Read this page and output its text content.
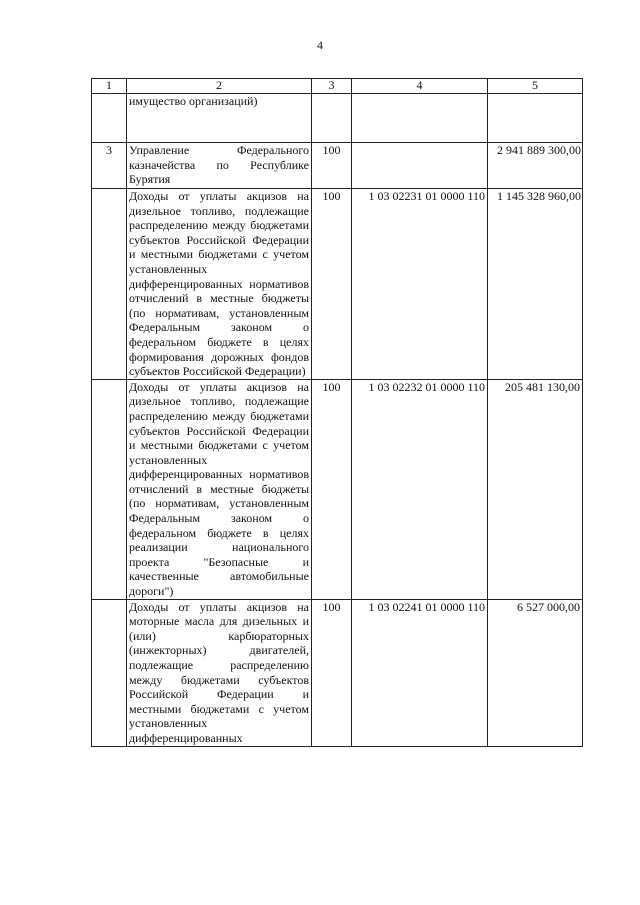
4
1	2	3	4	5
	имущество организаций)			
3	Управление Федерального казначейства по Республике Бурятия	100		2 941 889 300,00
	Доходы от уплаты акцизов на дизельное топливо, подлежащие распределению между бюджетами субъектов Российской Федерации и местными бюджетами с учетом установленных дифференцированных нормативов отчислений в местные бюджеты (по нормативам, установленным Федеральным законом о федеральном бюджете в целях формирования дорожных фондов субъектов Российской Федерации)	100	1 03 02231 01 0000 110	1 145 328 960,00
	Доходы от уплаты акцизов на дизельное топливо, подлежащие распределению между бюджетами субъектов Российской Федерации и местными бюджетами с учетом установленных дифференцированных нормативов отчислений в местные бюджеты (по нормативам, установленным Федеральным законом о федеральном бюджете в целях реализации национального проекта "Безопасные и качественные автомобильные дороги")	100	1 03 02232 01 0000 110	205 481 130,00
	Доходы от уплаты акцизов на моторные масла для дизельных и (или) карбюраторных (инжекторных) двигателей, подлежащие распределению между бюджетами субъектов Российской Федерации и местными бюджетами с учетом установленных дифференцированных	100	1 03 02241 01 0000 110	6 527 000,00
